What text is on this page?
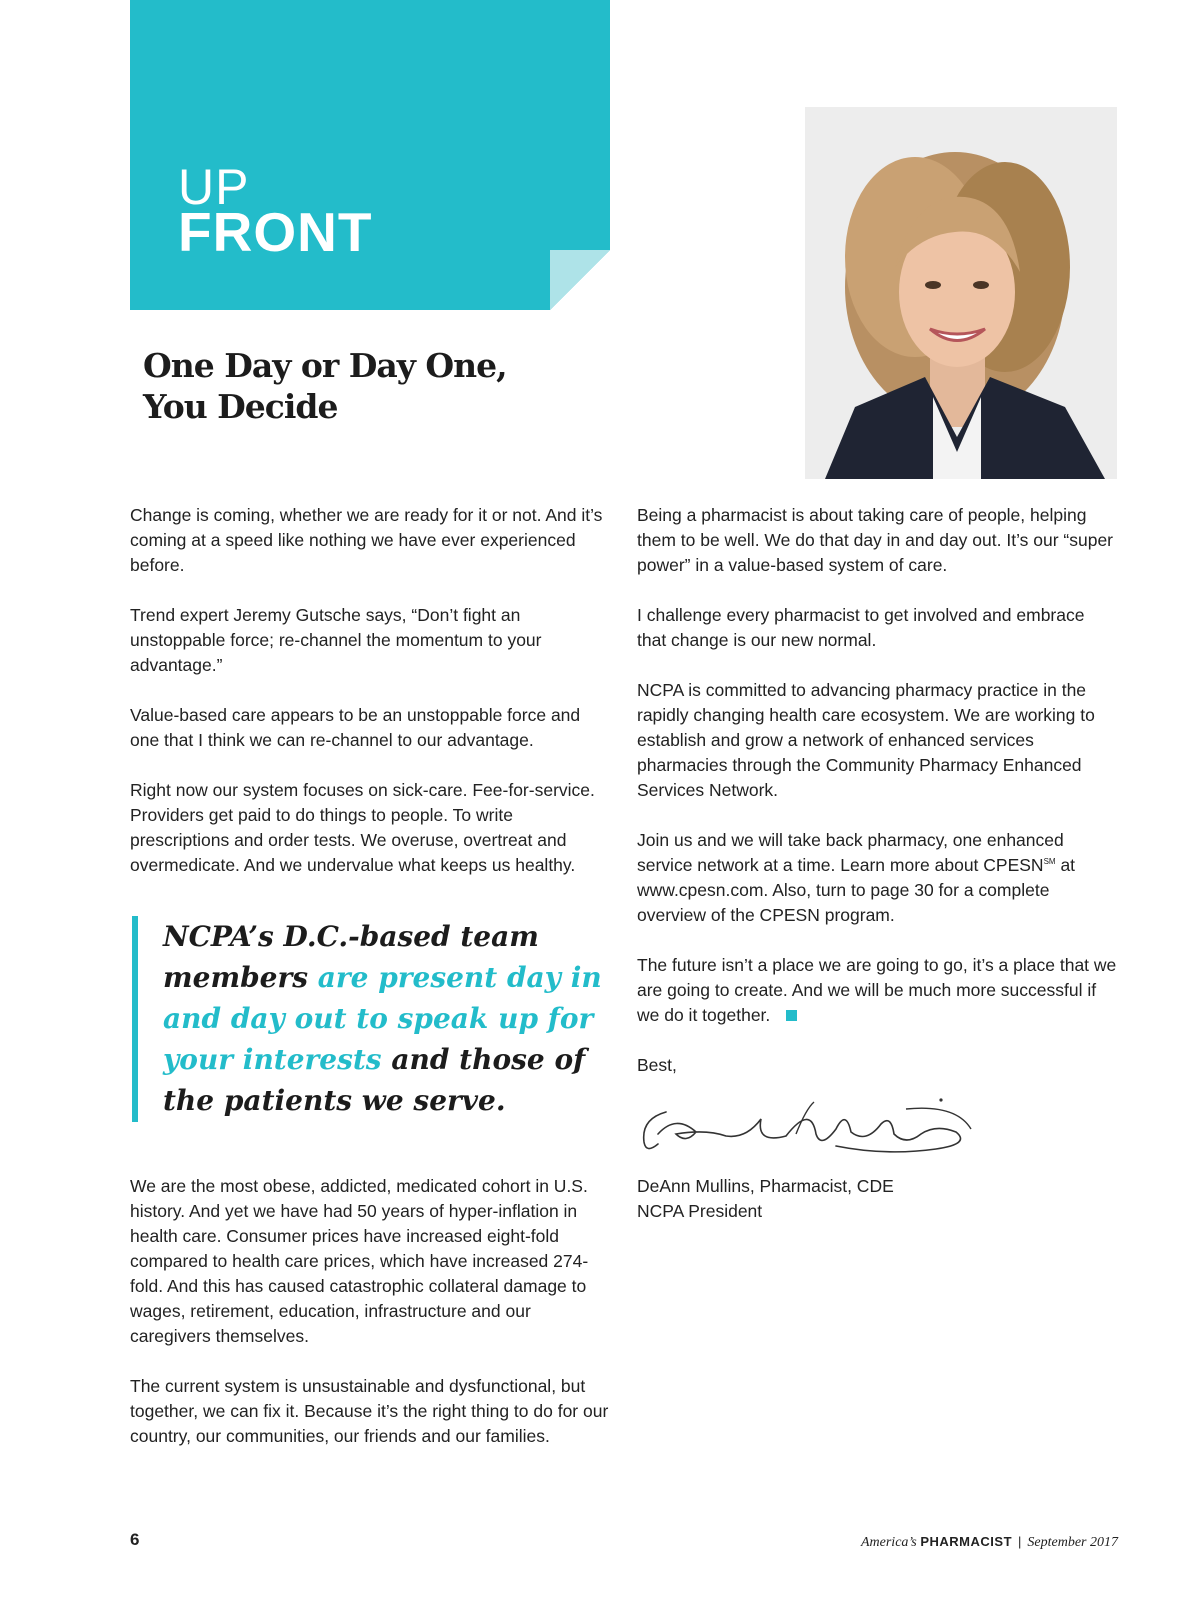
UP
FRONT
One Day or Day One,
You Decide

Change is coming, whether we are ready for it or not. And it’s coming at a speed like nothing we have ever experienced before.

Trend expert Jeremy Gutsche says, “Don’t fight an unstoppable force; re-channel the momentum to your advantage.”

Value-based care appears to be an unstoppable force and one that I think we can re-channel to our advantage.

Right now our system focuses on sick-care. Fee-for-service. Providers get paid to do things to people. To write prescriptions and order tests. We overuse, overtreat and overmedicate. And we undervalue what keeps us healthy.

NCPA’s D.C.-based team members are present day in and day out to speak up for your interests and those of the patients we serve.

We are the most obese, addicted, medicated cohort in U.S. history. And yet we have had 50 years of hyper-inflation in health care. Consumer prices have increased eight-fold compared to health care prices, which have increased 274-fold. And this has caused catastrophic collateral damage to wages, retirement, education, infrastructure and our caregivers themselves.

The current system is unsustainable and dysfunctional, but together, we can fix it. Because it’s the right thing to do for our country, our communities, our friends and our families.

Being a pharmacist is about taking care of people, helping them to be well. We do that day in and day out. It’s our “super power” in a value-based system of care.

I challenge every pharmacist to get involved and embrace that change is our new normal.

NCPA is committed to advancing pharmacy practice in the rapidly changing health care ecosystem. We are working to establish and grow a network of enhanced services pharmacies through the Community Pharmacy Enhanced Services Network.

Join us and we will take back pharmacy, one enhanced service network at a time. Learn more about CPESN℠ at www.cpesn.com. Also, turn to page 30 for a complete overview of the CPESN program.

The future isn’t a place we are going to go, it’s a place that we are going to create. And we will be much more successful if we do it together.

Best,

DeAnn Mullins, Pharmacist, CDE
NCPA President
6	America’s PHARMACIST | September 2017
